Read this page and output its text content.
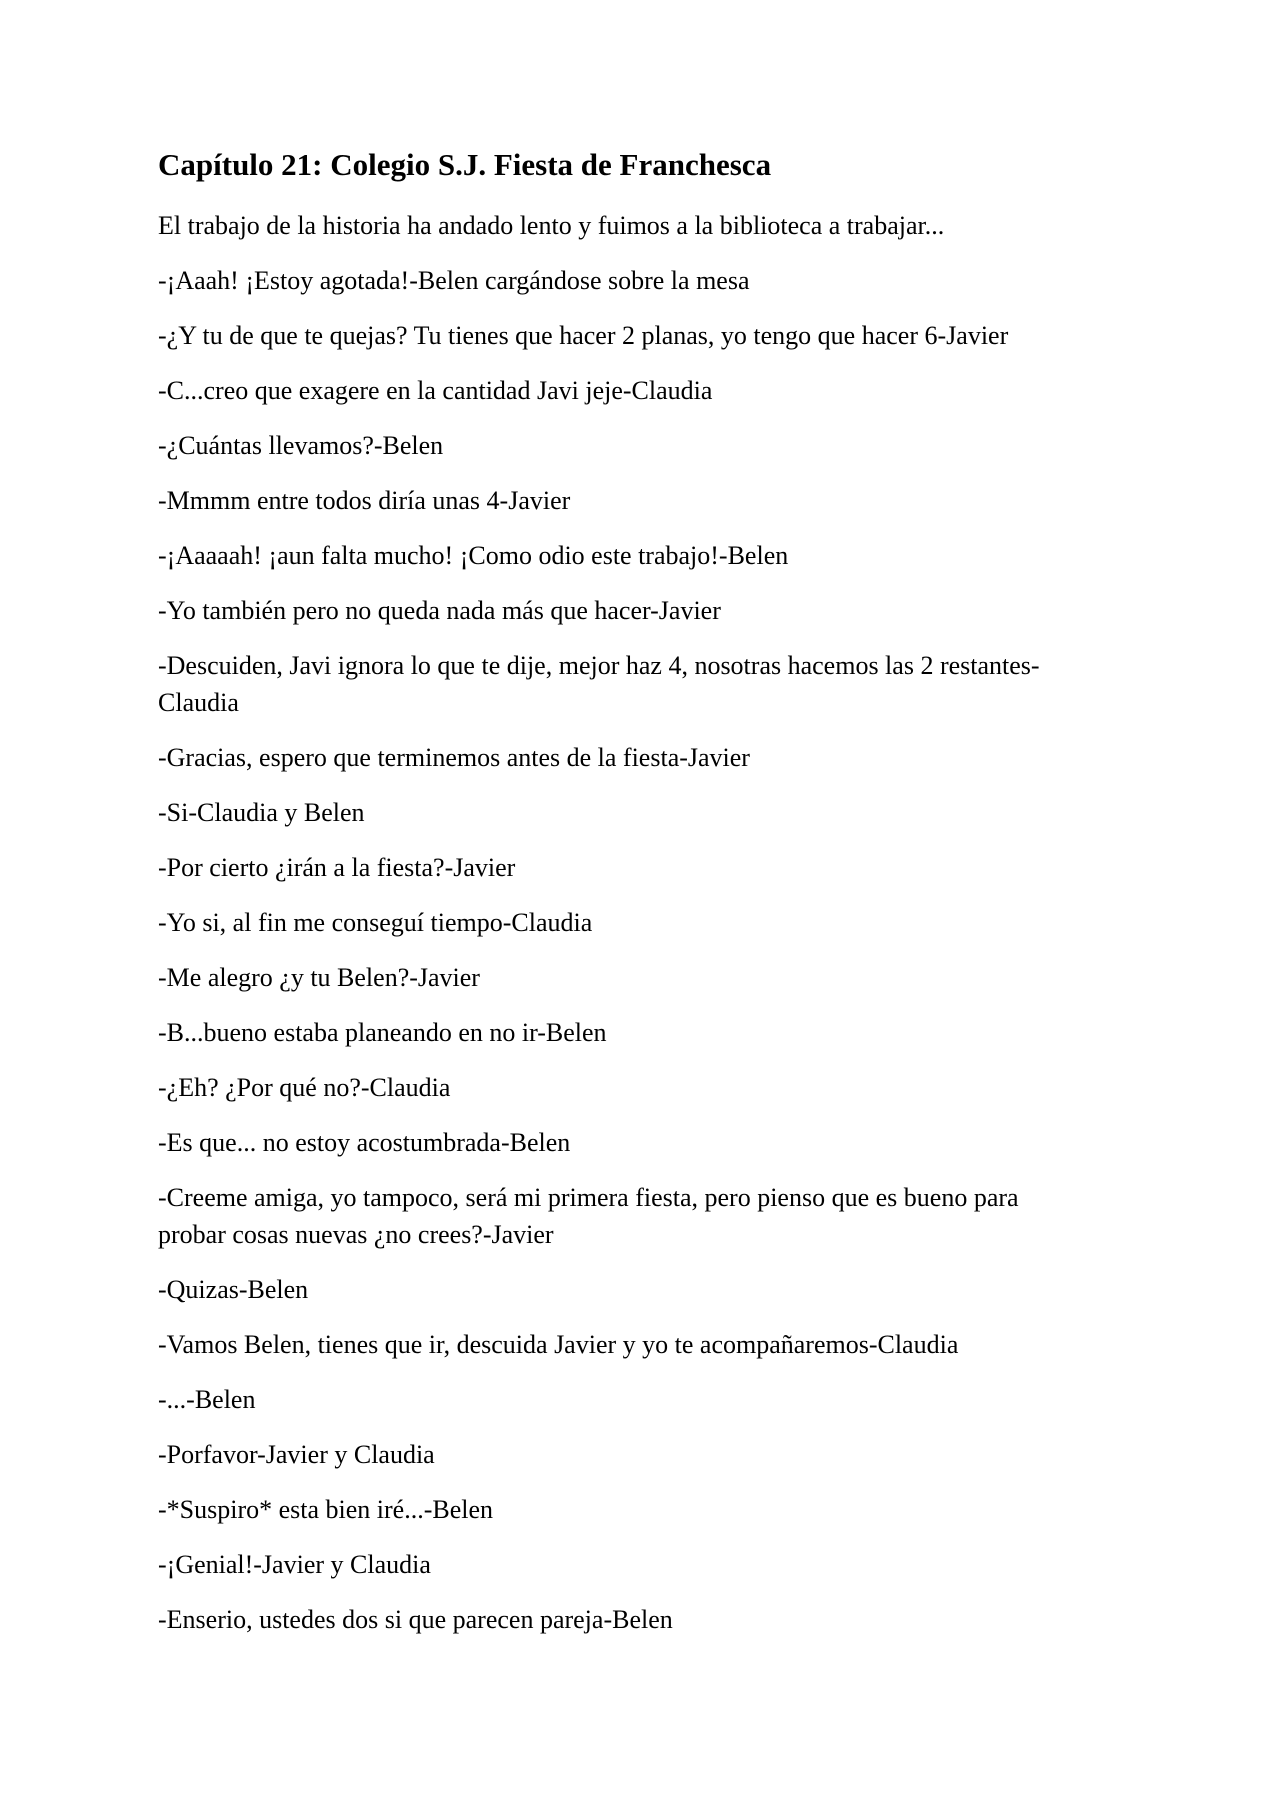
Capítulo 21: Colegio S.J. Fiesta de Franchesca

El trabajo de la historia ha andado lento y fuimos a la biblioteca a trabajar...

-¡Aaah! ¡Estoy agotada!-Belen cargándose sobre la mesa

-¿Y tu de que te quejas? Tu tienes que hacer 2 planas, yo tengo que hacer 6-Javier

-C...creo que exagere en la cantidad Javi jeje-Claudia

-¿Cuántas llevamos?-Belen

-Mmmm entre todos diría unas 4-Javier

-¡Aaaaah! ¡aun falta mucho! ¡Como odio este trabajo!-Belen

-Yo también pero no queda nada más que hacer-Javier

-Descuiden, Javi ignora lo que te dije, mejor haz 4, nosotras hacemos las 2 restantes-Claudia

-Gracias, espero que terminemos antes de la fiesta-Javier

-Si-Claudia y Belen

-Por cierto ¿irán a la fiesta?-Javier

-Yo si, al fin me conseguí tiempo-Claudia

-Me alegro ¿y tu Belen?-Javier

-B...bueno estaba planeando en no ir-Belen

-¿Eh? ¿Por qué no?-Claudia

-Es que... no estoy acostumbrada-Belen

-Creeme amiga, yo tampoco, será mi primera fiesta, pero pienso que es bueno para probar cosas nuevas ¿no crees?-Javier

-Quizas-Belen

-Vamos Belen, tienes que ir, descuida Javier y yo te acompañaremos-Claudia

-...-Belen

-Porfavor-Javier y Claudia

-*Suspiro* esta bien iré...-Belen

-¡Genial!-Javier y Claudia

-Enserio, ustedes dos si que parecen pareja-Belen
